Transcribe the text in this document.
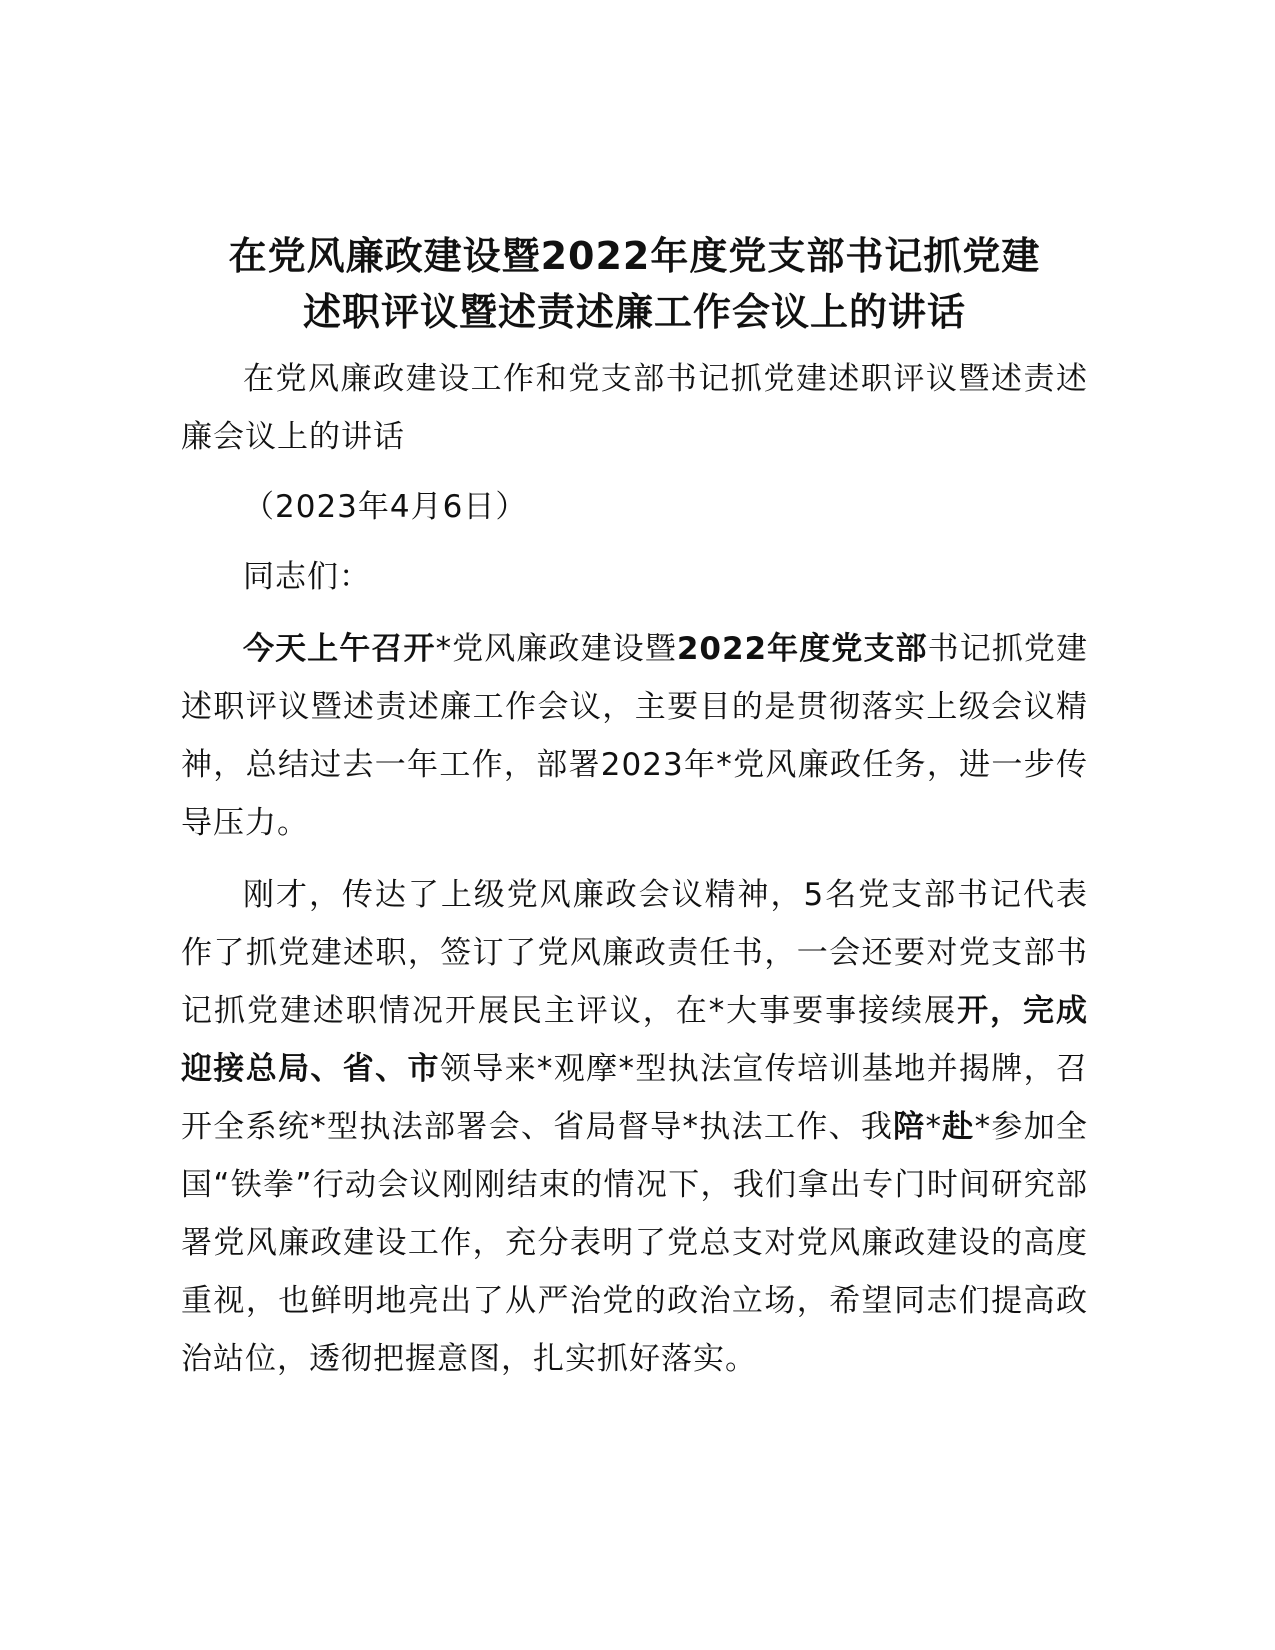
在党风廉政建设暨2022年度党支部书记抓党建
述职评议暨述责述廉工作会议上的讲话

在党风廉政建设工作和党支部书记抓党建述职评议暨述责述廉会议上的讲话

（2023年4月6日）

同志们：

今天上午召开*党风廉政建设暨2022年度党支部书记抓党建述职评议暨述责述廉工作会议，主要目的是贯彻落实上级会议精神，总结过去一年工作，部署2023年*党风廉政任务，进一步传导压力。

刚才，传达了上级党风廉政会议精神，5名党支部书记代表作了抓党建述职，签订了党风廉政责任书，一会还要对党支部书记抓党建述职情况开展民主评议，在*大事要事接续展开，完成迎接总局、省、市领导来*观摩*型执法宣传培训基地并揭牌，召开全系统*型执法部署会、省局督导*执法工作、我陪*赴*参加全国“铁拳”行动会议刚刚结束的情况下，我们拿出专门时间研究部署党风廉政建设工作，充分表明了党总支对党风廉政建设的高度重视，也鲜明地亮出了从严治党的政治立场，希望同志们提高政治站位，透彻把握意图，扎实抓好落实。
